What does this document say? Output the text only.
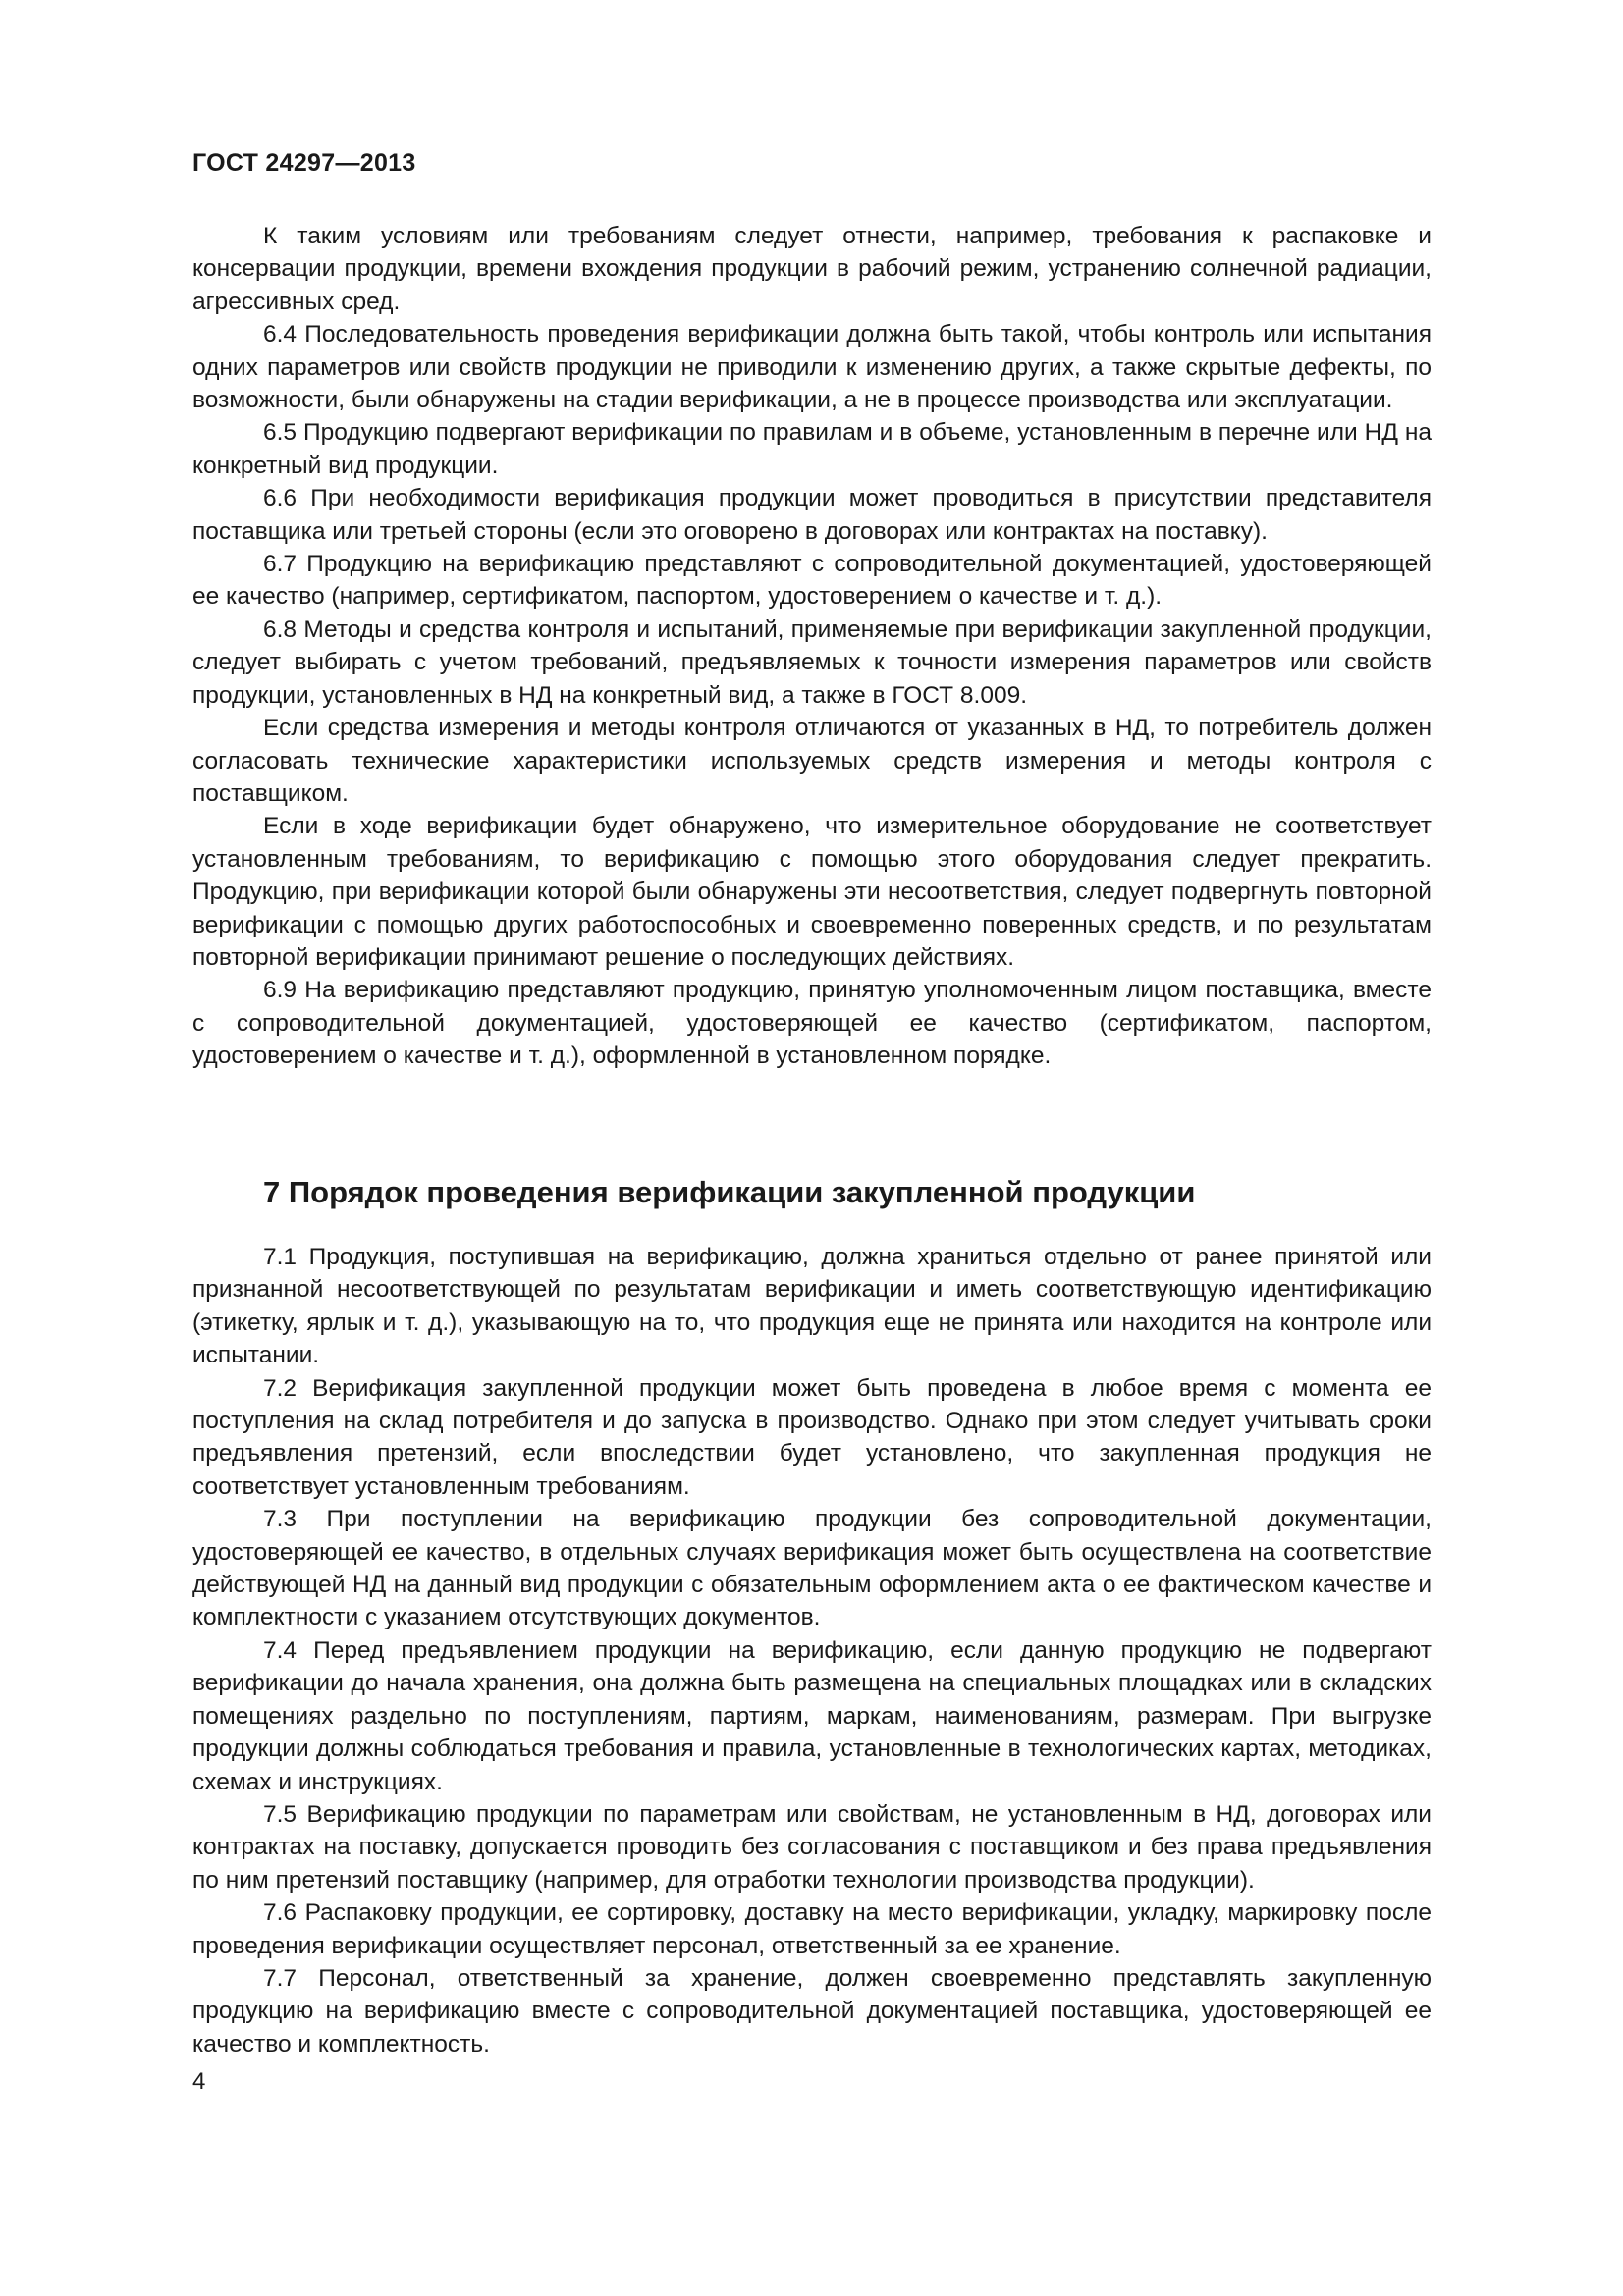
ГОСТ 24297—2013

К таким условиям или требованиям следует отнести, например, требования к распаковке и консервации продукции, времени вхождения продукции в рабочий режим, устранению солнечной радиации, агрессивных сред.

6.4 Последовательность проведения верификации должна быть такой, чтобы контроль или испытания одних параметров или свойств продукции не приводили к изменению других, а также скрытые дефекты, по возможности, были обнаружены на стадии верификации, а не в процессе производства или эксплуатации.

6.5 Продукцию подвергают верификации по правилам и в объеме, установленным в перечне или НД на конкретный вид продукции.

6.6 При необходимости верификация продукции может проводиться в присутствии представителя поставщика или третьей стороны (если это оговорено в договорах или контрактах на поставку).

6.7 Продукцию на верификацию представляют с сопроводительной документацией, удостоверяющей ее качество (например, сертификатом, паспортом, удостоверением о качестве и т. д.).

6.8 Методы и средства контроля и испытаний, применяемые при верификации закупленной продукции, следует выбирать с учетом требований, предъявляемых к точности измерения параметров или свойств продукции, установленных в НД на конкретный вид, а также в ГОСТ 8.009.

Если средства измерения и методы контроля отличаются от указанных в НД, то потребитель должен согласовать технические характеристики используемых средств измерения и методы контроля с поставщиком.

Если в ходе верификации будет обнаружено, что измерительное оборудование не соответствует установленным требованиям, то верификацию с помощью этого оборудования следует прекратить. Продукцию, при верификации которой были обнаружены эти несоответствия, следует подвергнуть повторной верификации с помощью других работоспособных и своевременно поверенных средств, и по результатам повторной верификации принимают решение о последующих действиях.

6.9 На верификацию представляют продукцию, принятую уполномоченным лицом поставщика, вместе с сопроводительной документацией, удостоверяющей ее качество (сертификатом, паспортом, удостоверением о качестве и т. д.), оформленной в установленном порядке.

7 Порядок проведения верификации закупленной продукции

7.1 Продукция, поступившая на верификацию, должна храниться отдельно от ранее принятой или признанной несоответствующей по результатам верификации и иметь соответствующую идентификацию (этикетку, ярлык и т. д.), указывающую на то, что продукция еще не принята или находится на контроле или испытании.

7.2 Верификация закупленной продукции может быть проведена в любое время с момента ее поступления на склад потребителя и до запуска в производство. Однако при этом следует учитывать сроки предъявления претензий, если впоследствии будет установлено, что закупленная продукция не соответствует установленным требованиям.

7.3 При поступлении на верификацию продукции без сопроводительной документации, удостоверяющей ее качество, в отдельных случаях верификация может быть осуществлена на соответствие действующей НД на данный вид продукции с обязательным оформлением акта о ее фактическом качестве и комплектности с указанием отсутствующих документов.

7.4 Перед предъявлением продукции на верификацию, если данную продукцию не подвергают верификации до начала хранения, она должна быть размещена на специальных площадках или в складских помещениях раздельно по поступлениям, партиям, маркам, наименованиям, размерам. При выгрузке продукции должны соблюдаться требования и правила, установленные в технологических картах, методиках, схемах и инструкциях.

7.5 Верификацию продукции по параметрам или свойствам, не установленным в НД, договорах или контрактах на поставку, допускается проводить без согласования с поставщиком и без права предъявления по ним претензий поставщику (например, для отработки технологии производства продукции).

7.6 Распаковку продукции, ее сортировку, доставку на место верификации, укладку, маркировку после проведения верификации осуществляет персонал, ответственный за ее хранение.

7.7 Персонал, ответственный за хранение, должен своевременно представлять закупленную продукцию на верификацию вместе с сопроводительной документацией поставщика, удостоверяющей ее качество и комплектность.

4
